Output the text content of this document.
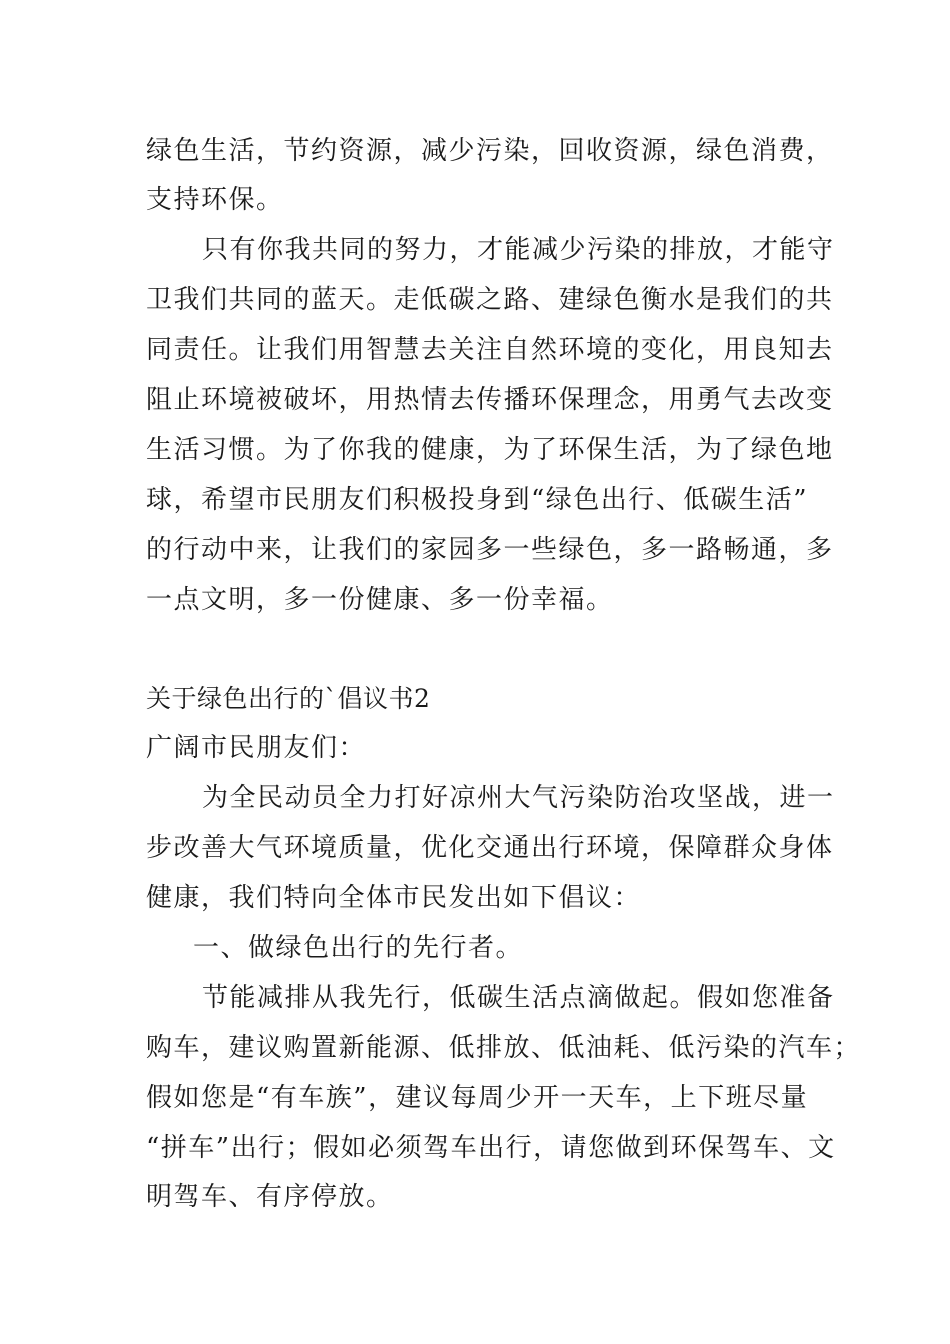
绿色生活，节约资源，减少污染，回收资源，绿色消费，
支持环保。
只有你我共同的努力，才能减少污染的排放，才能守
卫我们共同的蓝天。走低碳之路、建绿色衡水是我们的共
同责任。让我们用智慧去关注自然环境的变化，用良知去
阻止环境被破坏，用热情去传播环保理念，用勇气去改变
生活习惯。为了你我的健康，为了环保生活，为了绿色地
球，希望市民朋友们积极投身到“绿色出行、低碳生活”
的行动中来，让我们的家园多一些绿色，多一路畅通，多
一点文明，多一份健康、多一份幸福。
关于绿色出行的`倡议书2
广阔市民朋友们：
为全民动员全力打好凉州大气污染防治攻坚战，进一
步改善大气环境质量，优化交通出行环境，保障群众身体
健康，我们特向全体市民发出如下倡议：
一、做绿色出行的先行者。
节能减排从我先行，低碳生活点滴做起。假如您准备
购车，建议购置新能源、低排放、低油耗、低污染的汽车；
假如您是“有车族”，建议每周少开一天车，上下班尽量
“拼车”出行；假如必须驾车出行，请您做到环保驾车、文
明驾车、有序停放。
